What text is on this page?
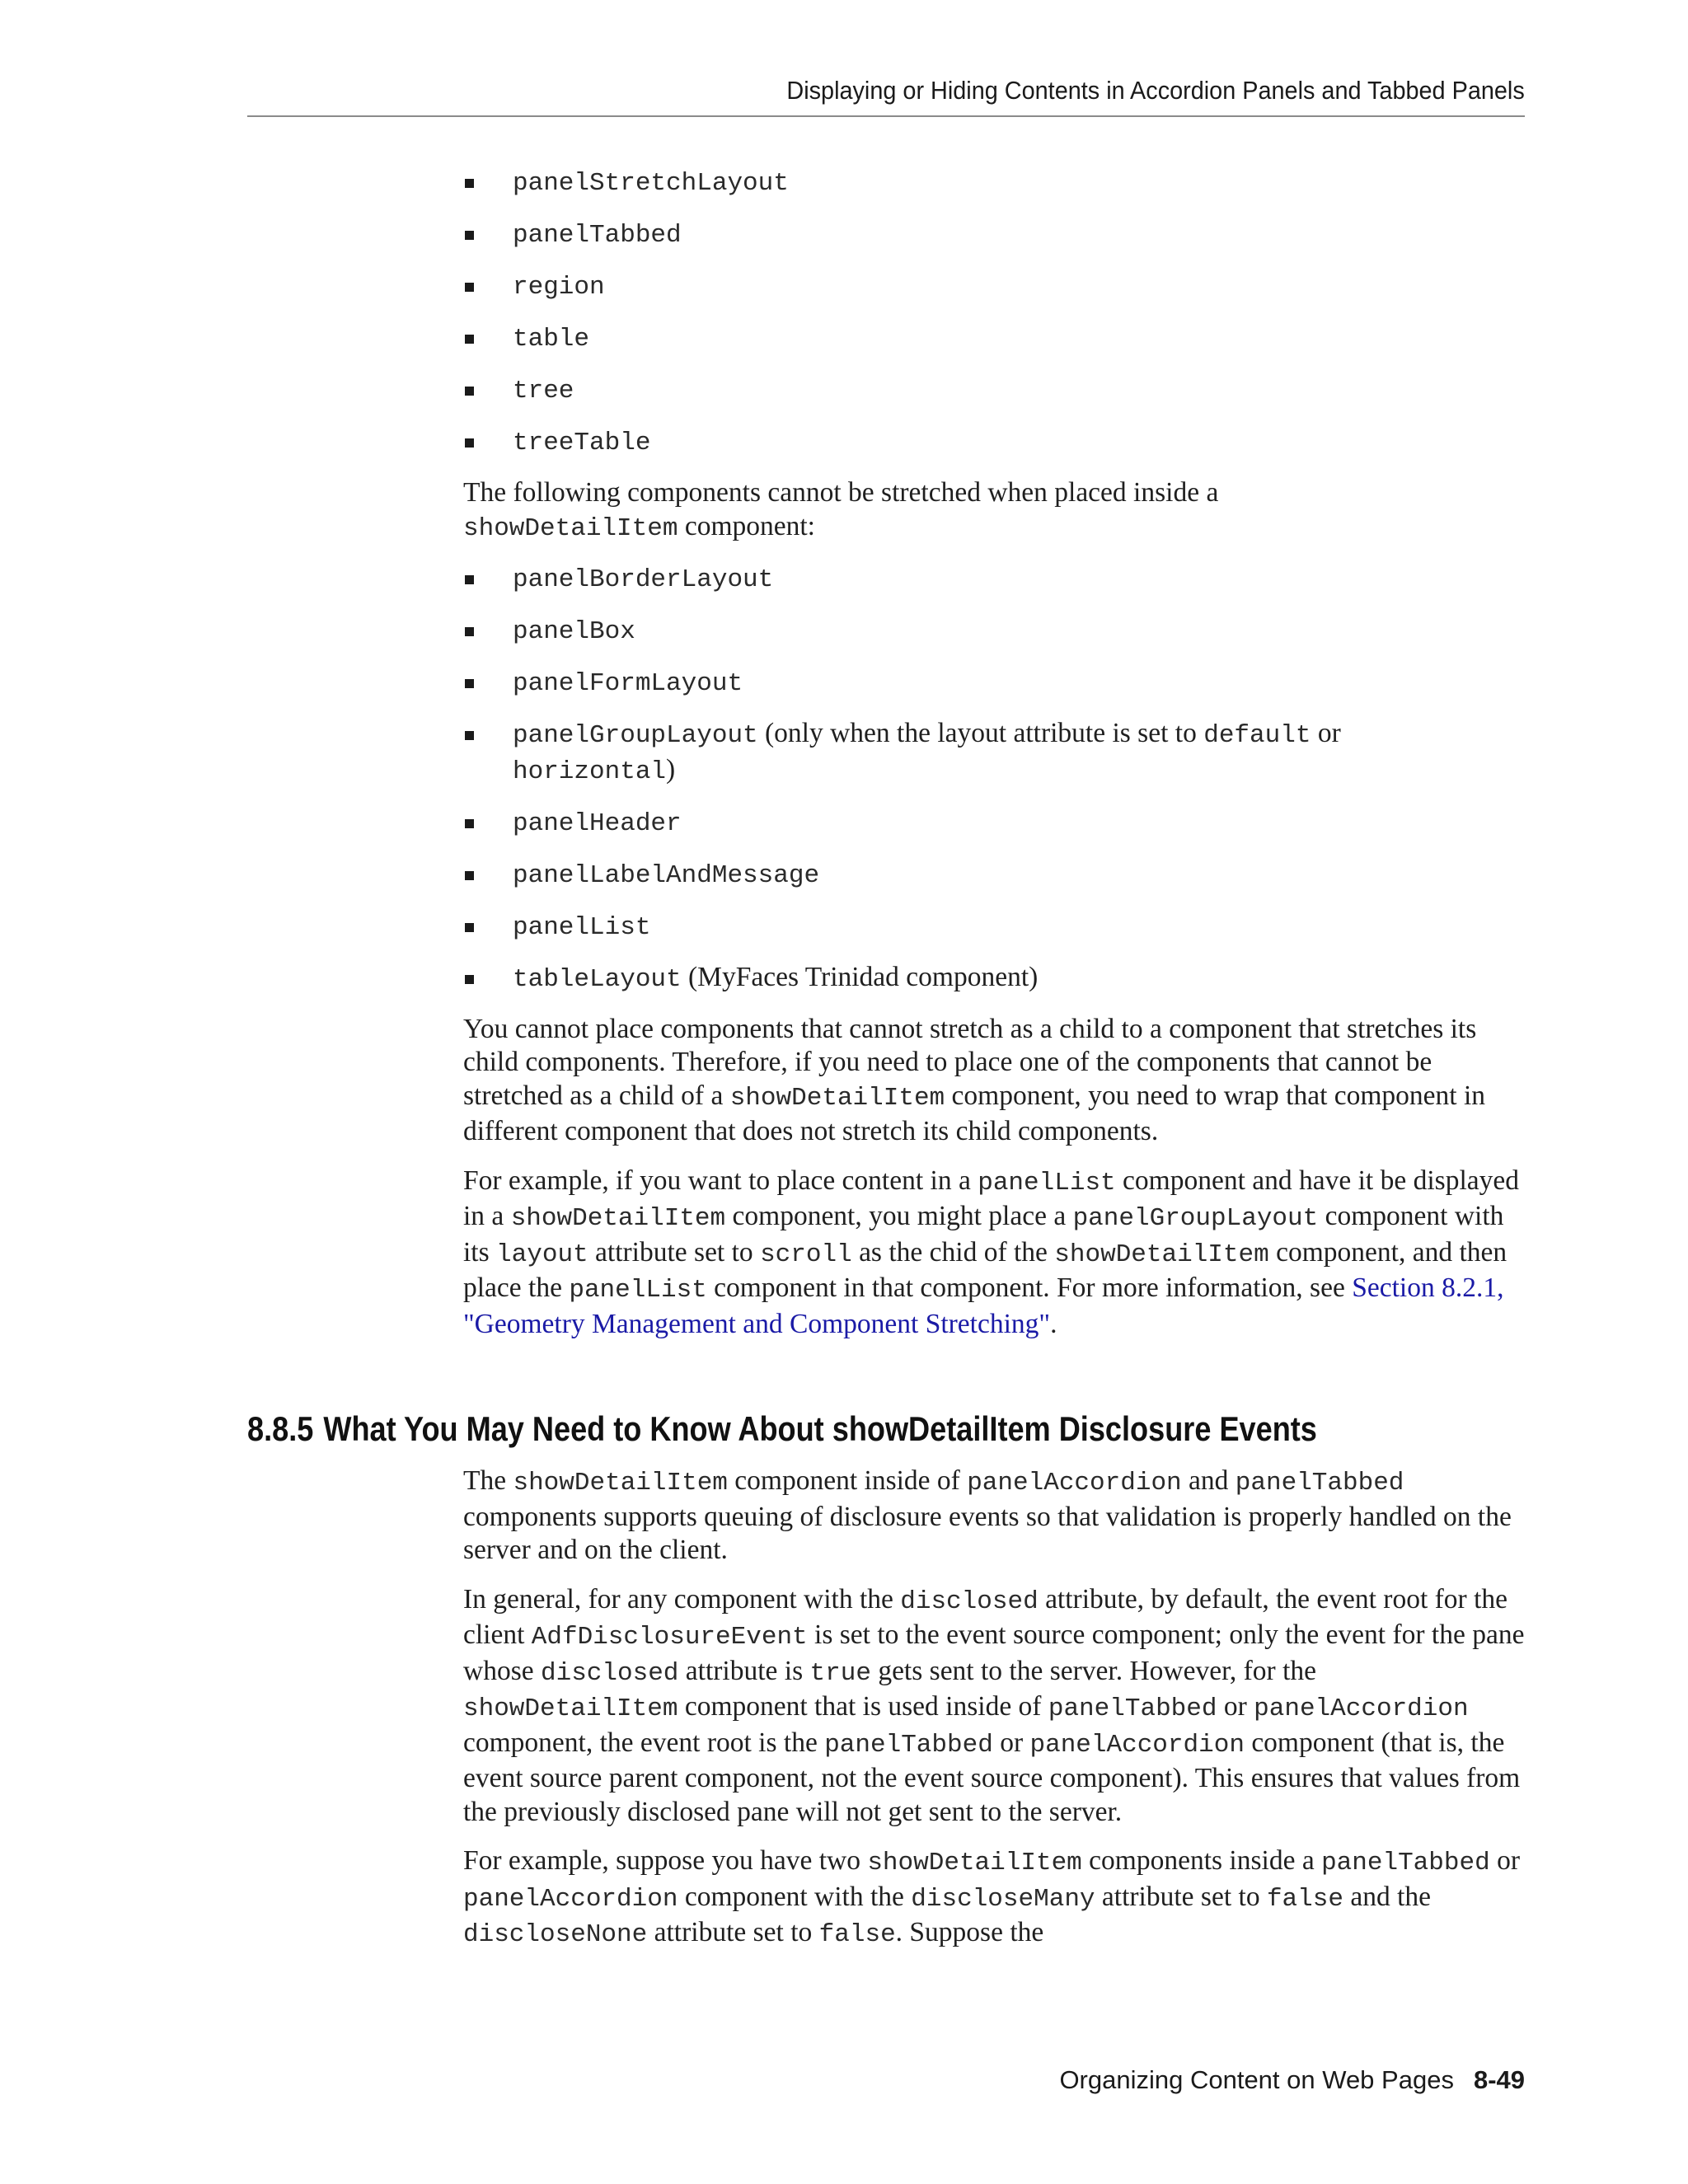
Displaying or Hiding Contents in Accordion Panels and Tabbed Panels
panelStretchLayout
panelTabbed
region
table
tree
treeTable

The following components cannot be stretched when placed inside a
showDetailItem component:

panelBorderLayout
panelBox
panelFormLayout
panelGroupLayout (only when the layout attribute is set to default or
horizontal)
panelHeader
panelLabelAndMessage
panelList
tableLayout (MyFaces Trinidad component)

You cannot place components that cannot stretch as a child to a component that stretches its child components. Therefore, if you need to place one of the components that cannot be stretched as a child of a showDetailItem component, you need to wrap that component in different component that does not stretch its child components.

For example, if you want to place content in a panelList component and have it be displayed in a showDetailItem component, you might place a panelGroupLayout component with its layout attribute set to scroll as the chid of the showDetailItem component, and then place the panelList component in that component. For more information, see Section 8.2.1, "Geometry Management and Component Stretching".

8.8.5 What You May Need to Know About showDetailItem Disclosure Events

The showDetailItem component inside of panelAccordion and panelTabbed components supports queuing of disclosure events so that validation is properly handled on the server and on the client.

In general, for any component with the disclosed attribute, by default, the event root for the client AdfDisclosureEvent is set to the event source component; only the event for the pane whose disclosed attribute is true gets sent to the server. However, for the showDetailItem component that is used inside of panelTabbed or panelAccordion component, the event root is the panelTabbed or panelAccordion component (that is, the event source parent component, not the event source component). This ensures that values from the previously disclosed pane will not get sent to the server.

For example, suppose you have two showDetailItem components inside a panelTabbed or panelAccordion component with the discloseMany attribute set to false and the discloseNone attribute set to false. Suppose the

Organizing Content on Web Pages 8-49
